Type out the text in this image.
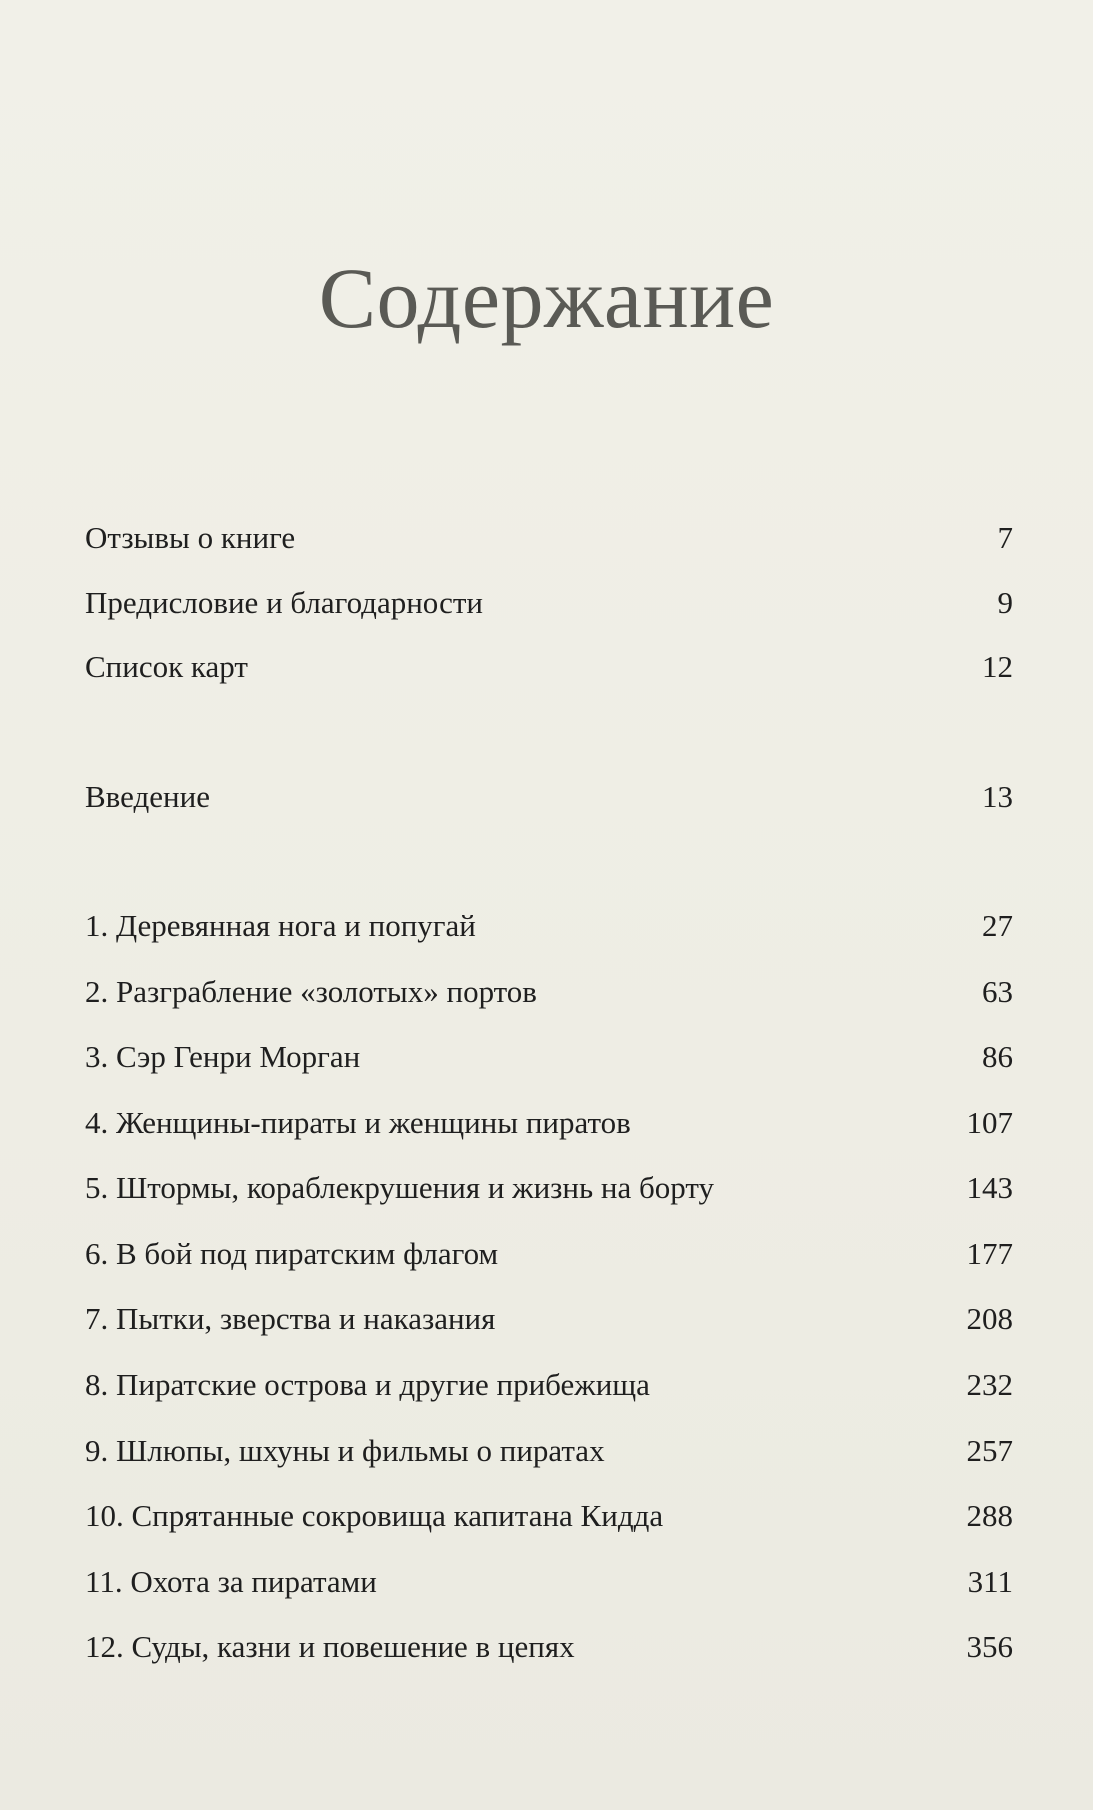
Содержание
Отзывы о книге	7
Предисловие и благодарности	9
Список карт	12
Введение	13
1. Деревянная нога и попугай	27
2. Разграбление «золотых» портов	63
3. Сэр Генри Морган	86
4. Женщины-пираты и женщины пиратов	107
5. Штормы, кораблекрушения и жизнь на борту	143
6. В бой под пиратским флагом	177
7. Пытки, зверства и наказания	208
8. Пиратские острова и другие прибежища	232
9. Шлюпы, шхуны и фильмы о пиратах	257
10. Спрятанные сокровища капитана Кидда	288
11. Охота за пиратами	311
12. Суды, казни и повешение в цепях	356
